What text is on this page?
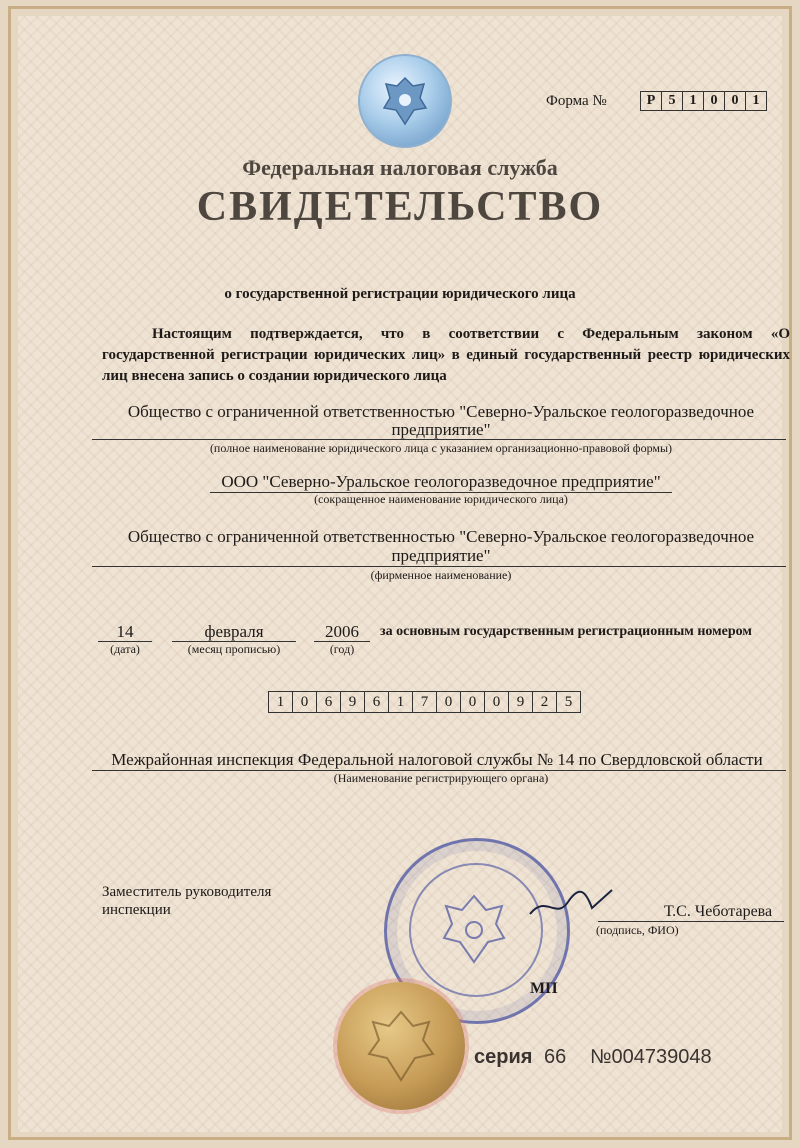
Форма №	Р 5	1	0	0	1
Федеральная налоговая служба
СВИДЕТЕЛЬСТВО
о государственной регистрации юридического лица
Настоящим подтверждается, что в соответствии с Федеральным законом «О государственной регистрации юридических лиц» в единый государственный реестр юридических лиц внесена запись о создании юридического лица
Общество с ограниченной ответственностью "Северно-Уральское геологоразведочное
предприятие"
(полное наименование юридического лица с указанием организационно-правовой формы)
ООО "Северно-Уральское геологоразведочное предприятие"
(сокращенное наименование юридического лица)
Общество с ограниченной ответственностью "Северно-Уральское геологоразведочное
предприятие"
(фирменное наименование)
14
(дата)
февраля
(месяц прописью)
2006
(год)
за основным государственным регистрационным номером
1	0	6	9	6	1	7	0	0	0	9	2	5
Межрайонная инспекция Федеральной налоговой службы № 14 по Свердловской области
(Наименование регистрирующего органа)
Заместитель руководителя
инспекции	Т.С. Чеботарева
(подпись, ФИО)
МП
серия 66 №004739048
